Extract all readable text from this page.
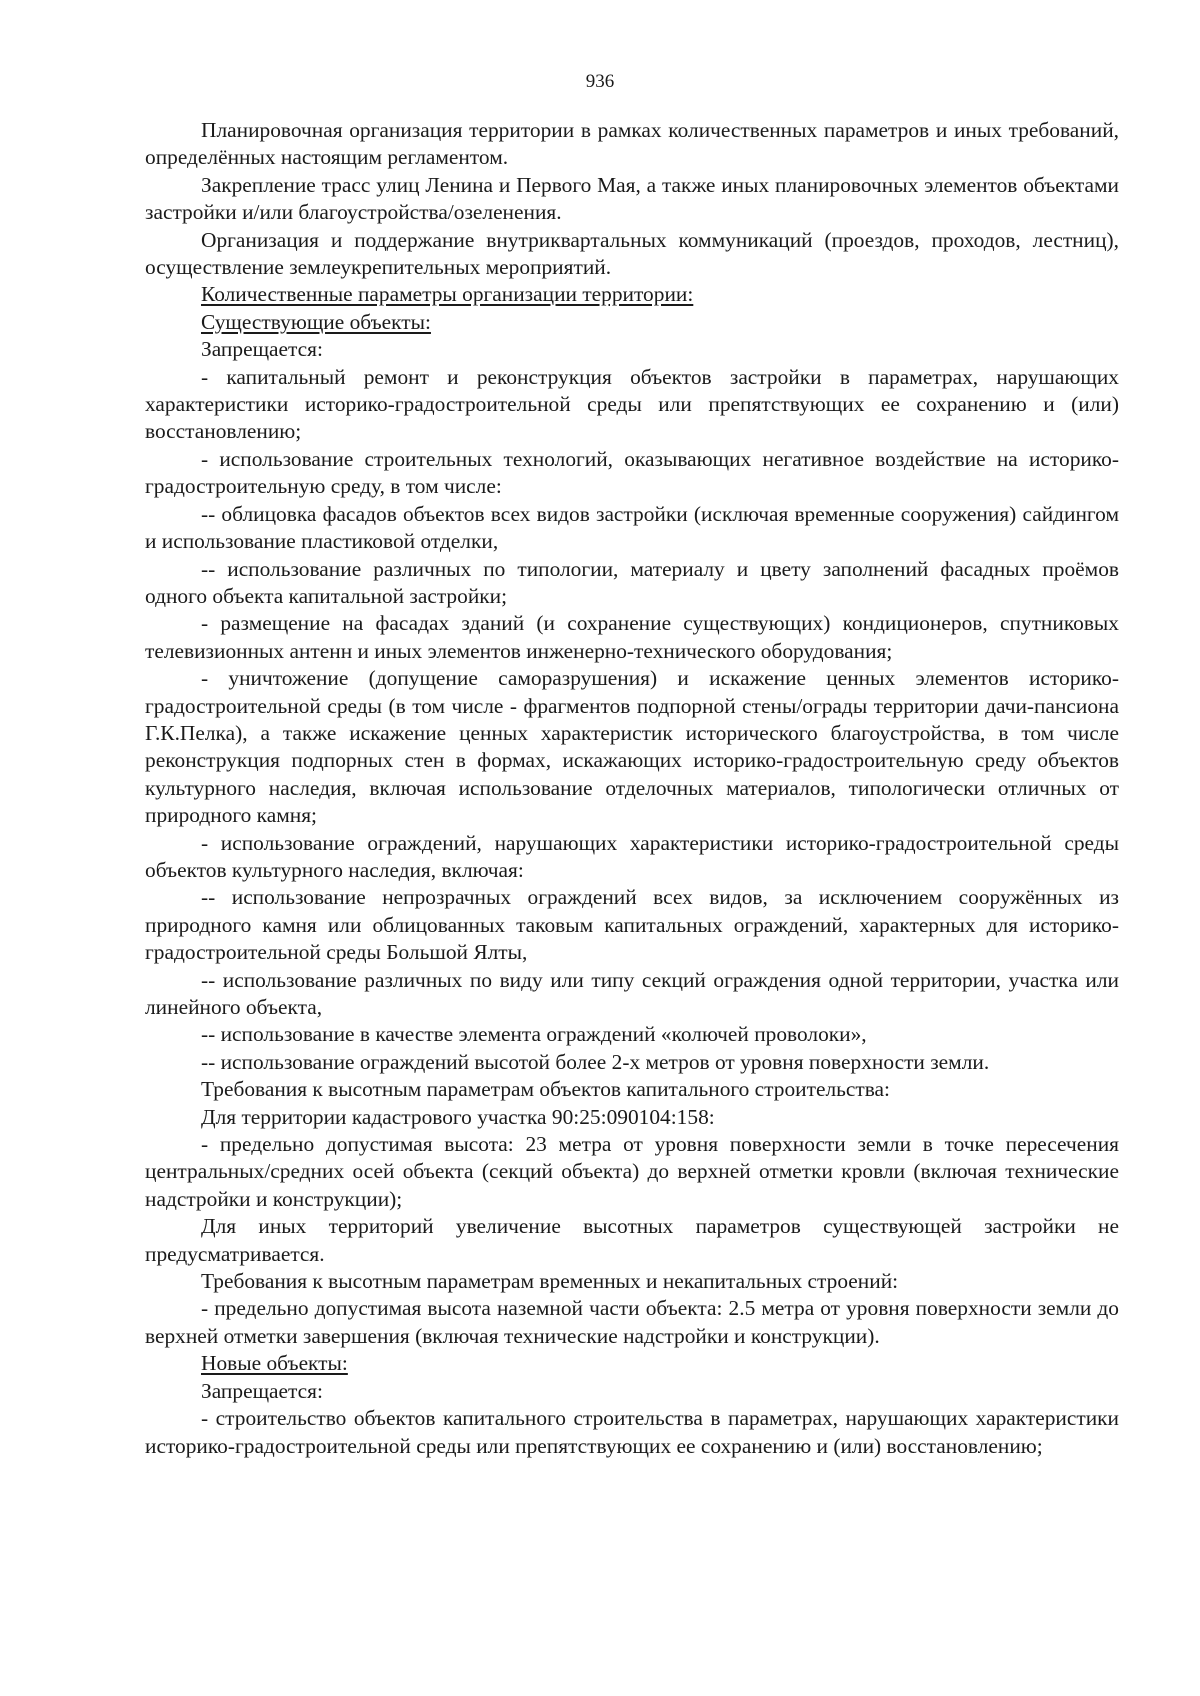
936

Планировочная организация территории в рамках количественных параметров и иных требований, определённых настоящим регламентом.

Закрепление трасс улиц Ленина и Первого Мая, а также иных планировочных элементов объектами застройки и/или благоустройства/озеленения.

Организация и поддержание внутриквартальных коммуникаций (проездов, проходов, лестниц), осуществление землеукрепительных мероприятий.

Количественные параметры организации территории:

Существующие объекты:

Запрещается:

- капитальный ремонт и реконструкция объектов застройки в параметрах, нарушающих характеристики историко-градостроительной среды или препятствующих ее сохранению и (или) восстановлению;

- использование строительных технологий, оказывающих негативное воздействие на историко-градостроительную среду, в том числе:

-- облицовка фасадов объектов всех видов застройки (исключая временные сооружения) сайдингом и использование пластиковой отделки,

-- использование различных по типологии, материалу и цвету заполнений фасадных проёмов одного объекта капитальной застройки;

- размещение на фасадах зданий (и сохранение существующих) кондиционеров, спутниковых телевизионных антенн и иных элементов инженерно-технического оборудования;

- уничтожение (допущение саморазрушения) и искажение ценных элементов историко-градостроительной среды (в том числе - фрагментов подпорной стены/ограды территории дачи-пансиона Г.К.Пелка), а также искажение ценных характеристик исторического благоустройства, в том числе реконструкция подпорных стен в формах, искажающих историко-градостроительную среду объектов культурного наследия, включая использование отделочных материалов, типологически отличных от природного камня;

- использование ограждений, нарушающих характеристики историко-градостроительной среды объектов культурного наследия, включая:

-- использование непрозрачных ограждений всех видов, за исключением сооружённых из природного камня или облицованных таковым капитальных ограждений, характерных для историко-градостроительной среды Большой Ялты,

-- использование различных по виду или типу секций ограждения одной территории, участка или линейного объекта,

-- использование в качестве элемента ограждений «колючей проволоки»,

-- использование ограждений высотой более 2-х метров от уровня поверхности земли.

Требования к высотным параметрам объектов капитального строительства:

Для территории кадастрового участка 90:25:090104:158:

- предельно допустимая высота: 23 метра от уровня поверхности земли в точке пересечения центральных/средних осей объекта (секций объекта) до верхней отметки кровли (включая технические надстройки и конструкции);

Для иных территорий увеличение высотных параметров существующей застройки не предусматривается.

Требования к высотным параметрам временных и некапитальных строений:

- предельно допустимая высота наземной части объекта: 2.5 метра от уровня поверхности земли до верхней отметки завершения (включая технические надстройки и конструкции).

Новые объекты:

Запрещается:

- строительство объектов капитального строительства в параметрах, нарушающих характеристики историко-градостроительной среды или препятствующих ее сохранению и (или) восстановлению;
